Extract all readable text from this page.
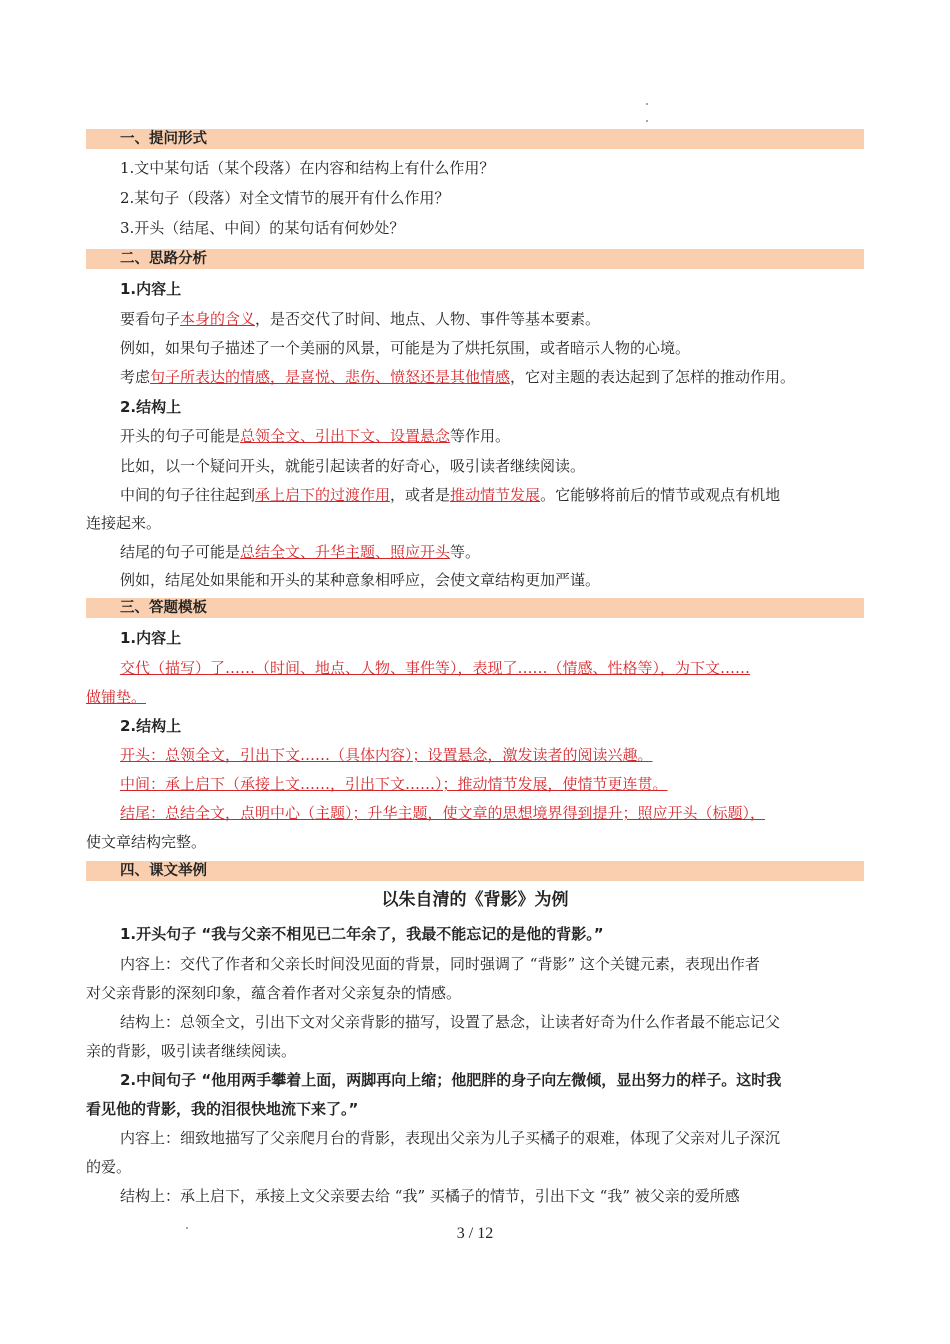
一、提问形式
1.文中某句话（某个段落）在内容和结构上有什么作用？
2.某句子（段落）对全文情节的展开有什么作用？
3.开头（结尾、中间）的某句话有何妙处？
二、思路分析
1.内容上
要看句子本身的含义，是否交代了时间、地点、人物、事件等基本要素。
例如，如果句子描述了一个美丽的风景，可能是为了烘托氛围，或者暗示人物的心境。
考虑句子所表达的情感，是喜悦、悲伤、愤怒还是其他情感，它对主题的表达起到了怎样的推动作用。
2.结构上
开头的句子可能是总领全文、引出下文、设置悬念等作用。
比如，以一个疑问开头，就能引起读者的好奇心，吸引读者继续阅读。
中间的句子往往起到承上启下的过渡作用，或者是推动情节发展。它能够将前后的情节或观点有机地
连接起来。
结尾的句子可能是总结全文、升华主题、照应开头等。
例如，结尾处如果能和开头的某种意象相呼应，会使文章结构更加严谨。
三、答题模板
1.内容上
交代（描写）了……（时间、地点、人物、事件等），表现了……（情感、性格等），为下文……
做铺垫。
2.结构上
开头：总领全文，引出下文……（具体内容）；设置悬念，激发读者的阅读兴趣。
中间：承上启下（承接上文……，引出下文……）；推动情节发展，使情节更连贯。
结尾：总结全文，点明中心（主题）；升华主题，使文章的思想境界得到提升；照应开头（标题），
使文章结构完整。
四、课文举例
以朱自清的《背影》为例
1.开头句子 “我与父亲不相见已二年余了，我最不能忘记的是他的背影。”
内容上：交代了作者和父亲长时间没见面的背景，同时强调了 “背影” 这个关键元素，表现出作者
对父亲背影的深刻印象，蕴含着作者对父亲复杂的情感。
结构上：总领全文，引出下文对父亲背影的描写，设置了悬念，让读者好奇为什么作者最不能忘记父
亲的背影，吸引读者继续阅读。
2.中间句子 “他用两手攀着上面，两脚再向上缩；他肥胖的身子向左微倾，显出努力的样子。这时我
看见他的背影，我的泪很快地流下来了。”
内容上：细致地描写了父亲爬月台的背影，表现出父亲为儿子买橘子的艰难，体现了父亲对儿子深沉
的爱。
结构上：承上启下，承接上文父亲要去给 “我” 买橘子的情节，引出下文 “我” 被父亲的爱所感
3 / 12
